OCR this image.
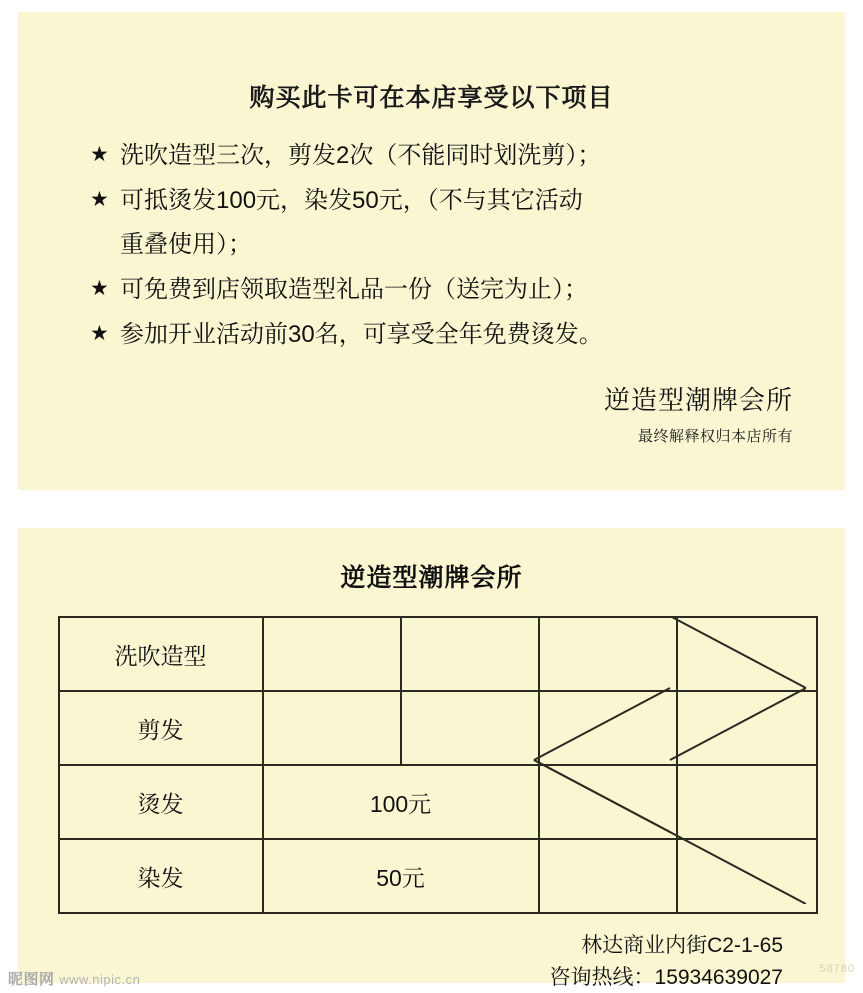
购买此卡可在本店享受以下项目
★ 洗吹造型三次，剪发2次（不能同时划洗剪）；
★ 可抵烫发100元，染发50元，（不与其它活动
重叠使用）；
★ 可免费到店领取造型礼品一份（送完为止）；
★ 参加开业活动前30名，可享受全年免费烫发。
逆造型潮牌会所
最终解释权归本店所有
逆造型潮牌会所
洗吹造型				
剪发				
烫发	100元			
染发	50元			
林达商业内街C2-1-65
咨询热线：15934639027
昵图网 www.nipic.cn
58780
